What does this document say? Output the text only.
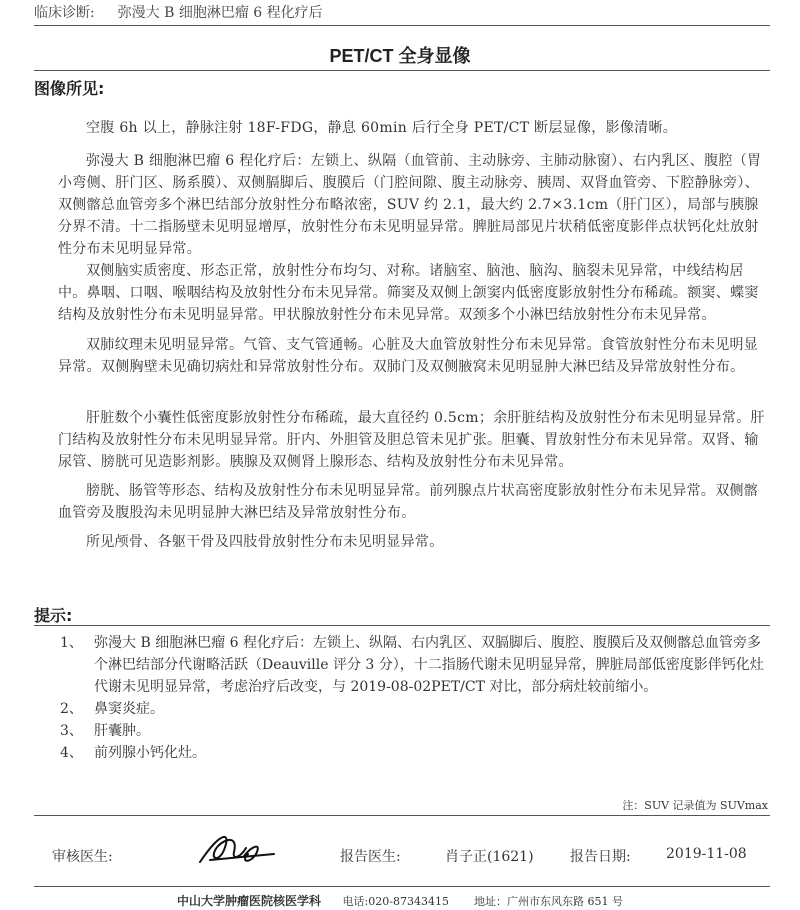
临床诊断: 弥漫大 B 细胞淋巴瘤 6 程化疗后
PET/CT 全身显像
图像所见:
空腹 6h 以上，静脉注射 18F-FDG，静息 60min 后行全身 PET/CT 断层显像，影像清晰。
弥漫大 B 细胞淋巴瘤 6 程化疗后：左锁上、纵隔（血管前、主动脉旁、主肺动脉窗）、右内乳区、腹腔（胃小弯侧、肝门区、肠系膜）、双侧膈脚后、腹膜后（门腔间隙、腹主动脉旁、胰周、双肾血管旁、下腔静脉旁）、双侧髂总血管旁多个淋巴结部分放射性分布略浓密，SUV 约 2.1，最大约 2.7×3.1cm（肝门区），局部与胰腺分界不清。十二指肠壁未见明显增厚，放射性分布未见明显异常。脾脏局部见片状稍低密度影伴点状钙化灶放射性分布未见明显异常。
双侧脑实质密度、形态正常，放射性分布均匀、对称。诸脑室、脑池、脑沟、脑裂未见异常，中线结构居中。鼻咽、口咽、喉咽结构及放射性分布未见异常。筛窦及双侧上颌窦内低密度影放射性分布稀疏。额窦、蝶窦结构及放射性分布未见明显异常。甲状腺放射性分布未见异常。双颈多个小淋巴结放射性分布未见异常。
双肺纹理未见明显异常。气管、支气管通畅。心脏及大血管放射性分布未见异常。食管放射性分布未见明显异常。双侧胸壁未见确切病灶和异常放射性分布。双肺门及双侧腋窝未见明显肿大淋巴结及异常放射性分布。
肝脏数个小囊性低密度影放射性分布稀疏，最大直径约 0.5cm；余肝脏结构及放射性分布未见明显异常。肝门结构及放射性分布未见明显异常。肝内、外胆管及胆总管未见扩张。胆囊、胃放射性分布未见异常。双肾、输尿管、膀胱可见造影剂影。胰腺及双侧肾上腺形态、结构及放射性分布未见异常。
膀胱、肠管等形态、结构及放射性分布未见明显异常。前列腺点片状高密度影放射性分布未见异常。双侧髂血管旁及腹股沟未见明显肿大淋巴结及异常放射性分布。
所见颅骨、各躯干骨及四肢骨放射性分布未见明显异常。
提示:
1、 弥漫大 B 细胞淋巴瘤 6 程化疗后：左锁上、纵隔、右内乳区、双膈脚后、腹腔、腹膜后及双侧髂总血管旁多个淋巴结部分代谢略活跃（Deauville 评分 3 分），十二指肠代谢未见明显异常，脾脏局部低密度影伴钙化灶代谢未见明显异常，考虑治疗后改变，与 2019-08-02PET/CT 对比，部分病灶较前缩小。
2、 鼻窦炎症。
3、 肝囊肿。
4、 前列腺小钙化灶。
注：SUV 记录值为 SUVmax
审核医生:	报告医生:	肖子正(1621)	报告日期:	2019-11-08
中山大学肿瘤医院核医学科 电话:020-87343415 地址：广州市东风东路 651 号
